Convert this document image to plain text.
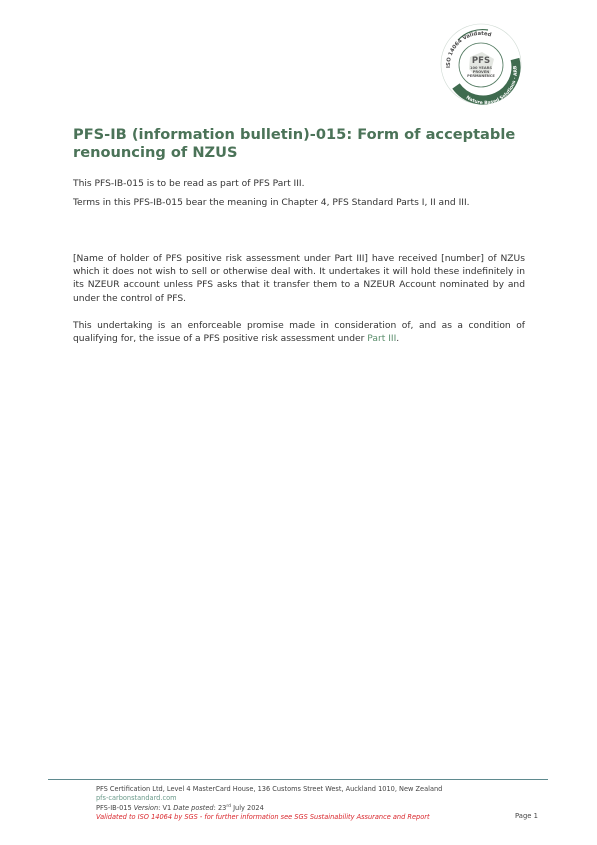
ISO 14064 Validated
Nature Based Solutions · ARB
PFS
100 YEARS
PROVEN
PERMANENCE
PFS-IB (information bulletin)-015: Form of acceptable renouncing of NZUS

This PFS-IB-015 is to be read as part of PFS Part III.

Terms in this PFS-IB-015 bear the meaning in Chapter 4, PFS Standard Parts I, II and III.

[Name of holder of PFS positive risk assessment under Part III] have received [number] of NZUs which it does not wish to sell or otherwise deal with. It undertakes it will hold these indefinitely in its NZEUR account unless PFS asks that it transfer them to a NZEUR Account nominated by and under the control of PFS.

This undertaking is an enforceable promise made in consideration of, and as a condition of qualifying for, the issue of a PFS positive risk assessment under Part III.

PFS Certification Ltd, Level 4 MasterCard House, 136 Customs Street West, Auckland 1010, New Zealand
pfs-carbonstandard.com
PFS-IB-015 Version: V1 Date posted: 23rd July 2024
Validated to ISO 14064 by SGS - for further information see SGS Sustainability Assurance and Report	Page 1
